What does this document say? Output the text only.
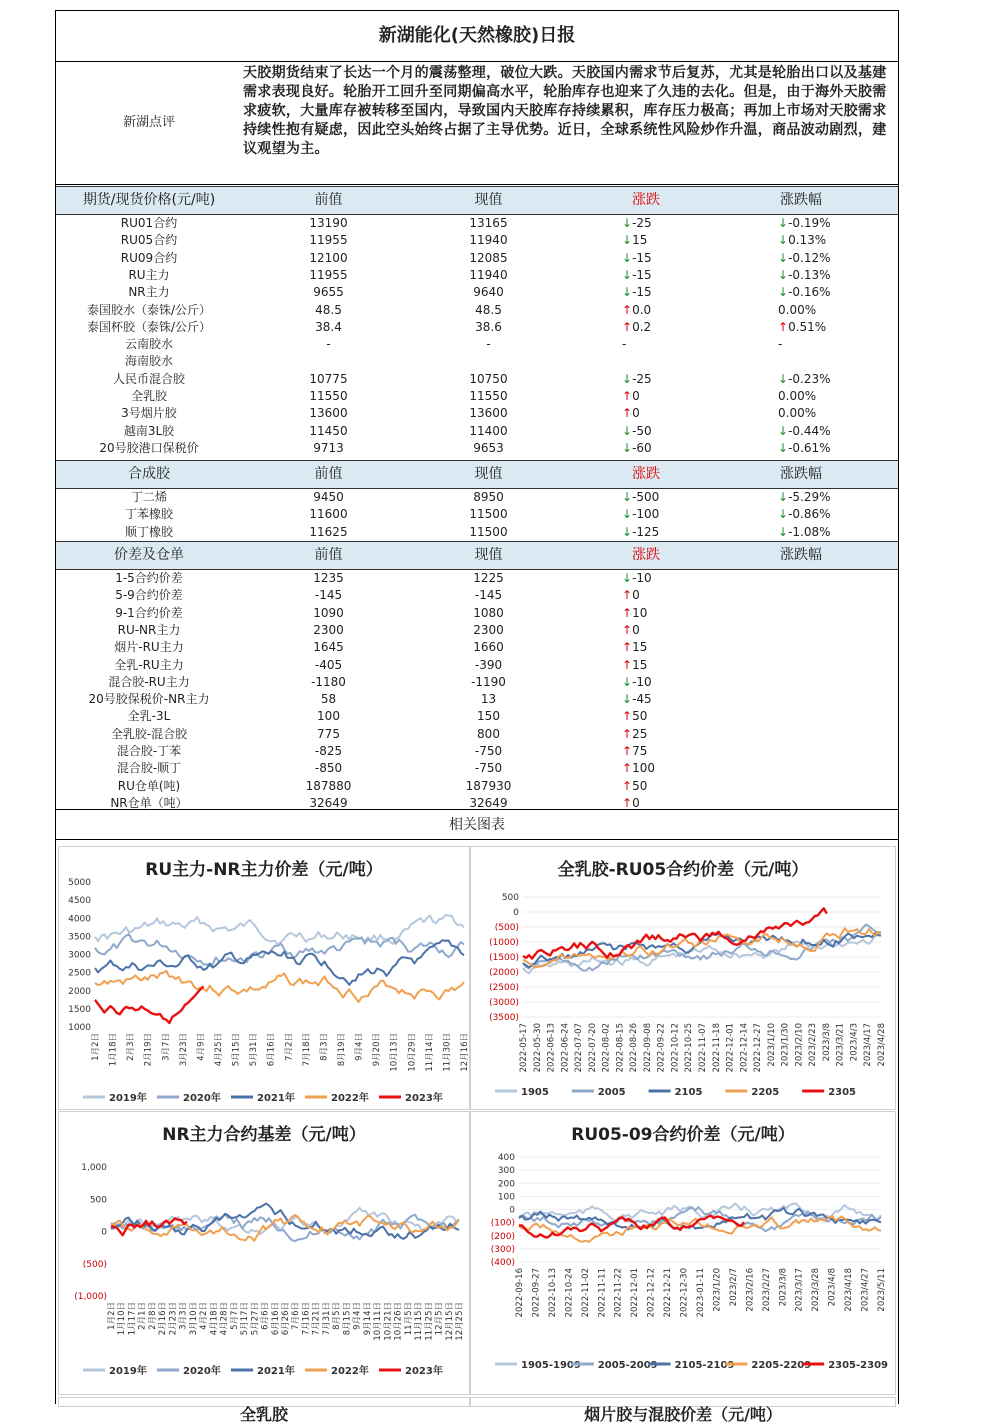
新湖能化(天然橡胶)日报
新湖点评
天胶期货结束了长达一个月的震荡整理，破位大跌。天胶国内需求节后复苏，尤其是轮胎出口以及基建需求表现良好。轮胎开工回升至同期偏高水平，轮胎库存也迎来了久违的去化。但是，由于海外天胶需求疲软，大量库存被转移至国内，导致国内天胶库存持续累积，库存压力极高；再加上市场对天胶需求持续性抱有疑虑，因此空头始终占据了主导优势。近日，全球系统性风险炒作升温，商品波动剧烈，建议观望为主。
期货/现货价格(元/吨)	前值	现值	涨跌	涨跌幅
RU01合约	13190	13165	↓-25	↓-0.19%
RU05合约	11955	11940	↓15	↓0.13%
RU09合约	12100	12085	↓-15	↓-0.12%
RU主力	11955	11940	↓-15	↓-0.13%
NR主力	9655	9640	↓-15	↓-0.16%
泰国胶水（泰铢/公斤）	48.5	48.5	↑0.0	0.00%
泰国杯胶（泰铢/公斤）	38.4	38.6	↑0.2	↑0.51%
云南胶水	-	-	-	-
海南胶水
人民币混合胶	10775	10750	↓-25	↓-0.23%
全乳胶	11550	11550	↑0	0.00%
3号烟片胶	13600	13600	↑0	0.00%
越南3L胶	11450	11400	↓-50	↓-0.44%
20号胶港口保税价	9713	9653	↓-60	↓-0.61%
合成胶	前值	现值	涨跌	涨跌幅
丁二烯	9450	8950	↓-500	↓-5.29%
丁苯橡胶	11600	11500	↓-100	↓-0.86%
顺丁橡胶	11625	11500	↓-125	↓-1.08%
价差及仓单	前值	现值	涨跌	涨跌幅
1-5合约价差	1235	1225	↓-10
5-9合约价差	-145	-145	↑0
9-1合约价差	1090	1080	↑10
RU-NR主力	2300	2300	↑0
烟片-RU主力	1645	1660	↑15
全乳-RU主力	-405	-390	↑15
混合胶-RU主力	-1180	-1190	↓-10
20号胶保税价-NR主力	58	13	↓-45
全乳-3L	100	150	↑50
全乳胶-混合胶	775	800	↑25
混合胶-丁苯	-825	-750	↑75
混合胶-顺丁	-850	-750	↑100
RU仓单(吨)	187880	187930	↑50
NR仓单（吨）	32649	32649	↑0
相关图表
RU主力-NR主力价差（元/吨）
5000
4500
4000
3500
3000
2500
2000
1500
1000
1月2日 1月18日 2月3日 2月19日 3月7日 3月23日 4月9日 4月25日 5月15日 5月31日 6月16日 7月2日 7月18日 8月3日 8月19日 9月4日 9月20日 10月13日 10月29日 11月14日 11月30日 12月16日
2019年	2020年	2021年	2022年	2023年
全乳胶-RU05合约价差（元/吨）
500
0
(500)
(1000)
(1500)
(2000)
(2500)
(3000)
(3500)
2022-05-17 2022-05-30 2022-06-13 2022-06-24 2022-07-07 2022-07-20 2022-08-02 2022-08-15 2022-08-26 2022-09-08 2022-09-22 2022-10-12 2022-10-25 2022-11-07 2022-11-18 2022-12-01 2022-12-14 2022-12-27 2023/1/10 2023/1/30 2023/2/10 2023/2/23 2023/3/8 2023/3/21 2023/4/3 2023/4/17 2023/4/28
1905	2005	2105	2205	2305
NR主力合约基差（元/吨）
1,000
500
0
(500)
(1,000)
1月2日 1月10日 1月17日 2月1日 2月8日 2月16日 2月23日 3月3日 3月10日 4月2日 4月18日 4月28日 5月7日 5月17日 5月27日 6月6日 6月16日 6月26日 7月6日 7月16日 7月21日 7月31日 8月5日 8月15日 9月4日 9月14日 10月11日 10月21日 10月26日 11月5日 11月15日 11月25日 12月5日 12月15日 12月25日
2019年	2020年	2021年	2022年	2023年
RU05-09合约价差（元/吨）
400
300
200
100
0
(100)
(200)
(300)
(400)
2022-09-16 2022-09-27 2022-10-13 2022-10-24 2022-11-02 2022-11-11 2022-11-22 2022-12-01 2022-12-12 2022-12-21 2022-12-30 2023-01-11 2023/1/20 2023/2/7 2023/2/16 2023/2/27 2023/3/8 2023/3/17 2023/3/28 2023/4/8 2023/4/18 2023/4/27 2023/5/11
1905-1909 2005-2009 2105-2109 2205-2209 2305-2309
全乳胶	烟片胶与混胶价差（元/吨）
